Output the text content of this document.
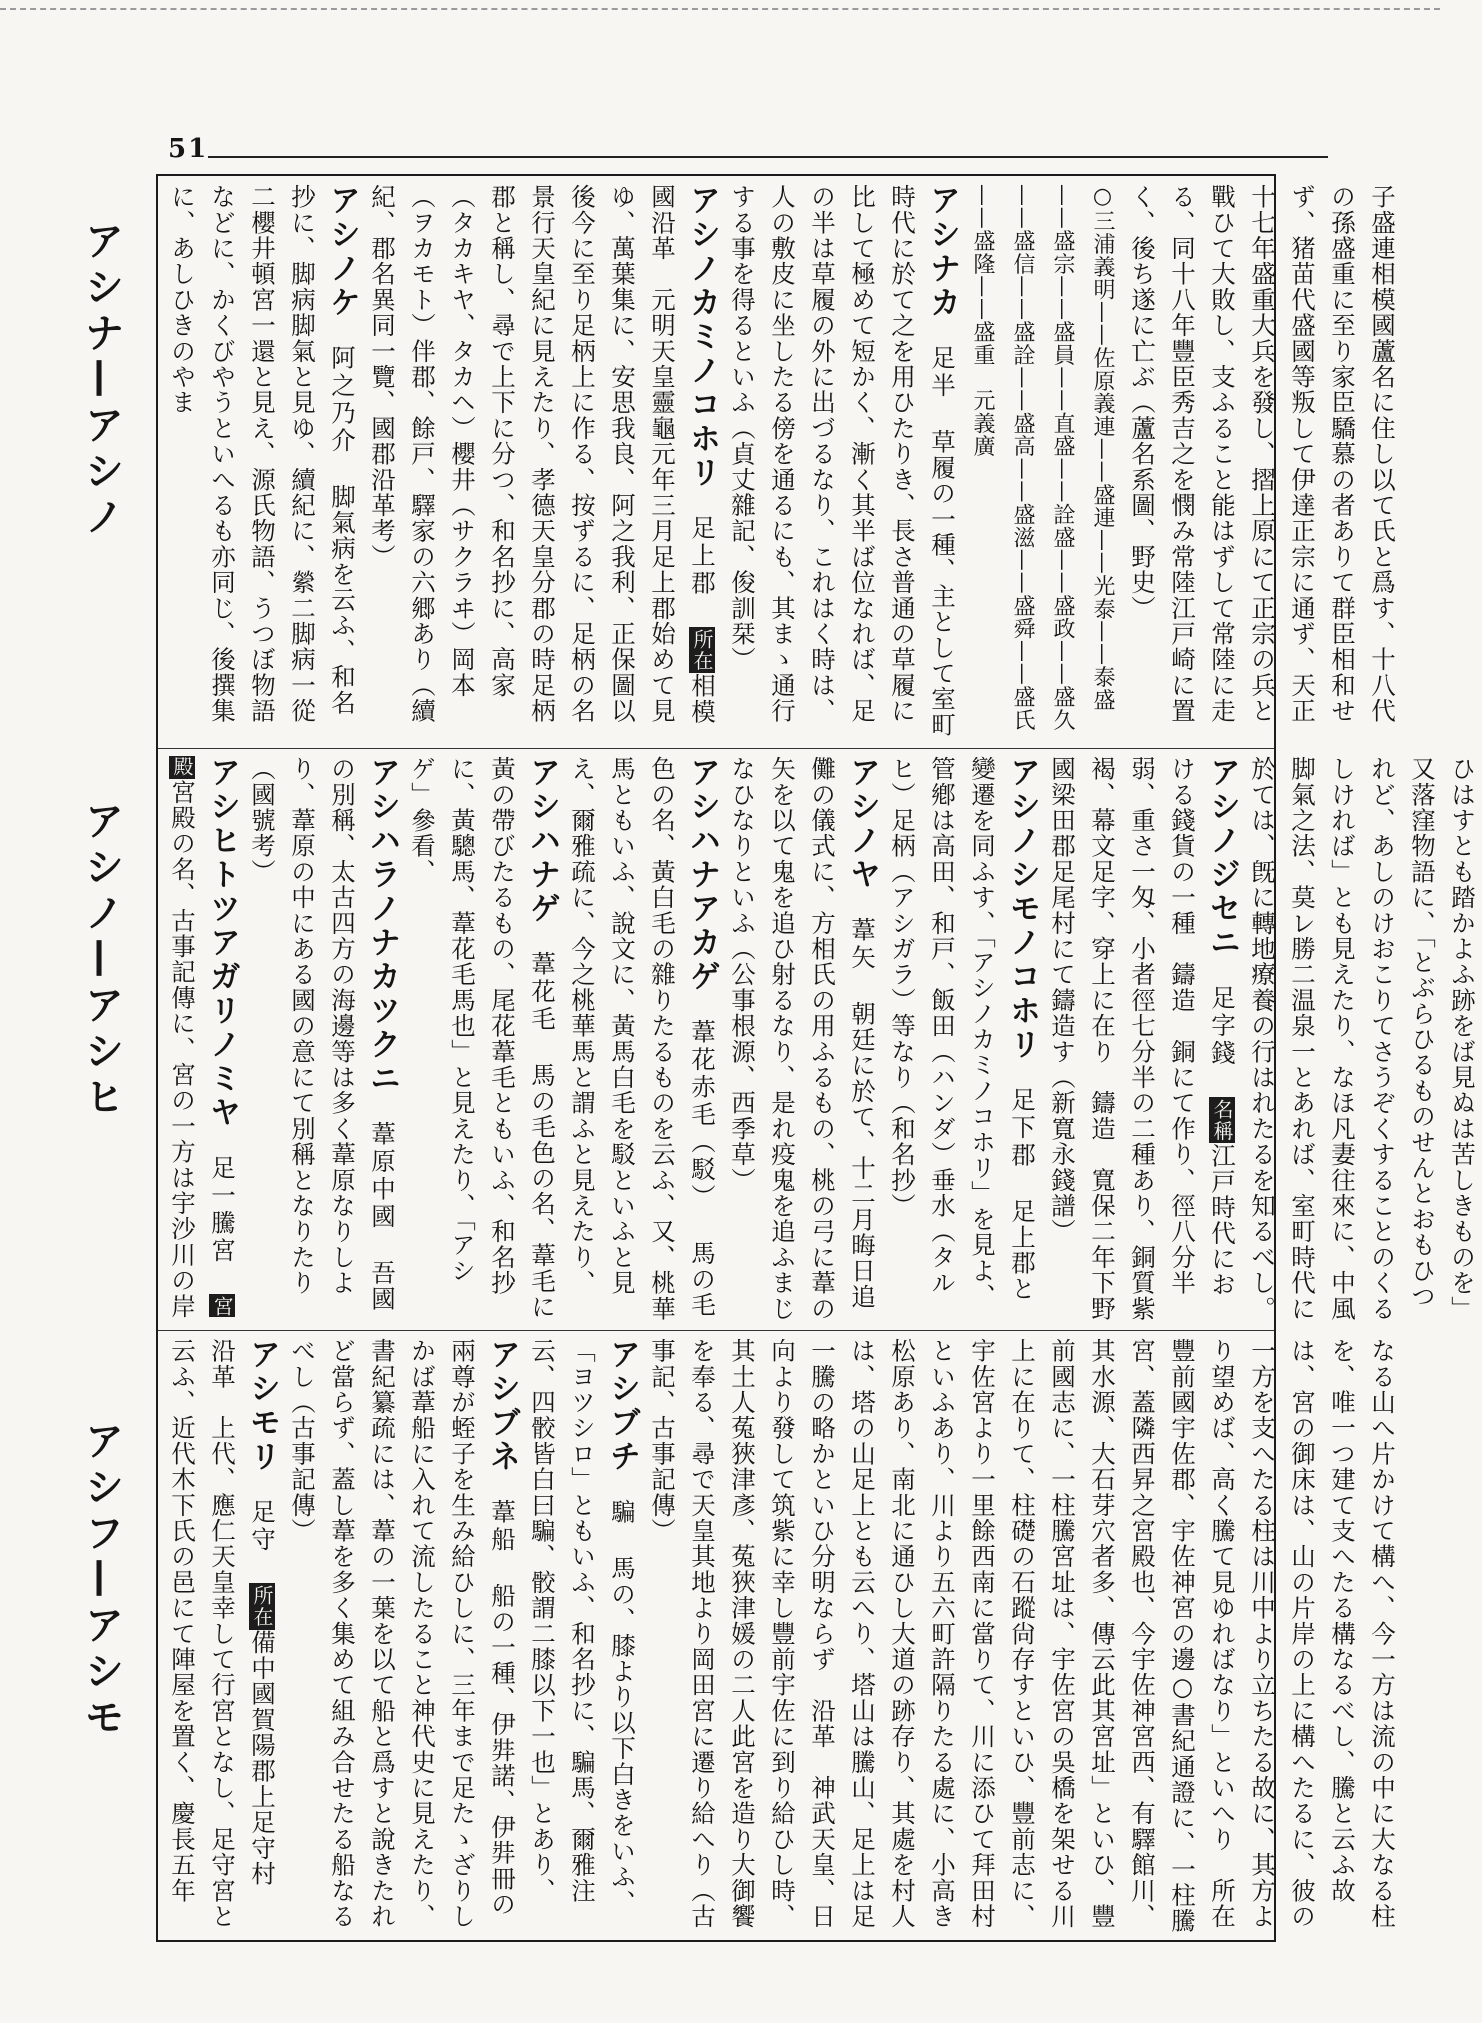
51
アシナ—アシノ
アシノ—アシヒ
アシフ—アシモ
子盛連相模國蘆名に住し以て氏と爲す、十八代の孫盛重に至り家臣驕慕の者ありて群臣相和せず、猪苗代盛國等叛して伊達正宗に通ず、天正十七年盛重大兵を發し、摺上原にて正宗の兵と戰ひて大敗し、支ふること能はずして常陸に走る、同十八年豐臣秀吉之を憫み常陸江戸崎に置く、後ち遂に亡ぶ（蘆名系圖、野史）
○三浦義明——佐原義連——盛連——光泰——泰盛
——盛宗——盛員——直盛——詮盛——盛政——盛久
——盛信——盛詮——盛高——盛滋——盛舜——盛氏
——盛隆——盛重　元義廣
アシナカ足半草履の一種、主として室町時代に於て之を用ひたりき、長さ普通の草履に比して極めて短かく、漸く其半ば位なれば、足の半は草履の外に出づるなり、これはく時は、人の敷皮に坐したる傍を通るにも、其まゝ通行する事を得るといふ（貞丈雜記、俊訓栞）
アシノカミノコホリ足上郡所在相模國沿革　元明天皇靈龜元年三月足上郡始めて見ゆ、萬葉集に、安思我良、阿之我利、正保圖以後今に至り足柄上に作る、按ずるに、足柄の名景行天皇紀に見えたり、孝德天皇分郡の時足柄郡と稱し、尋で上下に分つ、和名抄に、高家（タカキヤ、タカヘ）櫻井（サクラヰ）岡本（ヲカモト）伴郡、餘戸、驛家の六郷あり（續紀、郡名異同一覽、國郡沿革考）
アシノケ阿之乃介脚氣病を云ふ、和名抄に、脚病脚氣と見ゆ、續紀に、縈二脚病一從二櫻井頓宮一還と見え、源氏物語、うつぼ物語などに、かくびやうといへるも亦同じ、後撰集に、あしひきのやま
ひはすとも踏かよふ跡をば見ぬは苦しきものを」又落窪物語に、「とぶらひるものせんとおもひつれど、あしのけおこりてさうぞくすることのくるしければ」とも見えたり、なほ凡妻往來に、中風脚氣之法、莫レ勝二温泉一とあれば、室町時代に於ては、旣に轉地療養の行はれたるを知るべし。
アシノジセニ足字錢名稱江戸時代における錢貨の一種　鑄造　銅にて作り、徑八分半弱、重さ一匁、小者徑七分半の二種あり、銅質紫褐、幕文足字、穿上に在り　鑄造　寬保二年下野國梁田郡足尾村にて鑄造す（新寬永錢譜）
アシノシモノコホリ足下郡足上郡と變遷を同ふす、「アシノカミノコホリ」を見よ、管鄕は高田、和戸、飯田（ハンダ）垂水（タルヒ）足柄（アシガラ）等なり（和名抄）
アシノヤ葦矢朝廷に於て、十二月晦日追儺の儀式に、方相氏の用ふるもの、桃の弓に葦の矢を以て鬼を追ひ射るなり、是れ疫鬼を追ふまじなひなりといふ（公事根源、西季草）
アシハナアカゲ葦花赤毛（駁）馬の毛色の名、黃白毛の雜りたるものを云ふ、又、桃華馬ともいふ、說文に、黃馬白毛を駁といふと見え、爾雅疏に、今之桃華馬と謂ふと見えたり、
アシハナゲ葦花毛馬の毛色の名、葦毛に黃の帶びたるもの、尾花葦毛ともいふ、和名抄に、黃驄馬、葦花毛馬也」と見えたり、「アシゲ」參看、
アシハラノナカツクニ葦原中國吾國の別稱、太古四方の海邊等は多く葦原なりしより、葦原の中にある國の意にて別稱となりたり（國號考）
アシヒトツアガリノミヤ足一騰宮宮殿宮殿の名、古事記傳に、宮の一方は宇沙川の岸
なる山へ片かけて構へ、今一方は流の中に大なる柱を、唯一つ建て支へたる構なるべし、騰と云ふ故は、宮の御床は、山の片岸の上に構へたるに、彼の一方を支へたる柱は川中より立ちたる故に、其方より望めば、高く騰て見ゆればなり」といへり　所在　豐前國宇佐郡、宇佐神宮の邊○書紀通證に、一柱騰宮、蓋隣西昇之宮殿也、今宇佐神宮西、有驛館川、其水源、大石芽穴者多、傳云此其宮址」といひ、豐前國志に、一柱騰宮址は、宇佐宮の吳橋を架せる川上に在りて、柱礎の石蹤尙存すといひ、豐前志に、宇佐宮より一里餘西南に當りて、川に添ひて拜田村といふあり、川より五六町許隔りたる處に、小高き松原あり、南北に通ひし大道の跡存り、其處を村人は、塔の山足上とも云へり、塔山は騰山、足上は足一騰の略かといひ分明ならず　沿革　神武天皇、日向より發して筑紫に幸し豐前宇佐に到り給ひし時、其土人菟狹津彥、菟狹津媛の二人此宮を造り大御饗を奉る、尋で天皇其地より岡田宮に遷り給へり（古事記、古事記傳）
アシブチ騙馬の、膝より以下白きをいふ、「ヨツシロ」ともいふ、和名抄に、騙馬、爾雅注云、四骹皆白曰騙、骹謂二膝以下一也」とあり、
アシブネ葦船船の一種、伊弉諾、伊弉冊の兩尊が蛭子を生み給ひしに、三年まで足たゝざりしかば葦船に入れて流したること神代史に見えたり、書紀纂疏には、葦の一葉を以て船と爲すと說きたれど當らず、蓋し葦を多く集めて組み合せたる船なるべし（古事記傳）
アシモリ足守所在備中國賀陽郡上足守村　沿革　上代、應仁天皇幸して行宮となし、足守宮と云ふ、近代木下氏の邑にて陣屋を置く、慶長五年
